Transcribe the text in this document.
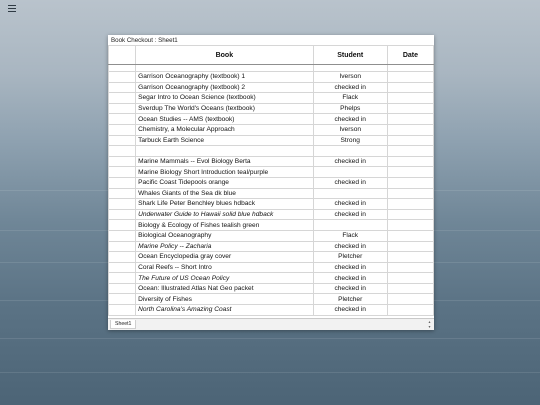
Book Checkout : Sheet1
	Book	Student	Date

	Garrison Oceanography (textbook) 1	Iverson	
	Garrison Oceanography (textbook) 2	checked in	
	Segar Intro to Ocean Science (textbook)	Flack	
	Sverdup The World's Oceans (textbook)	Phelps	
	Ocean Studies -- AMS (textbook)	checked in	
	Chemistry, a Molecular Approach	Iverson	
	Tarbuck Earth Science	Strong	

	Marine Mammals -- Evol Biology Berta	checked in	
	Marine Biology Short Introduction teal/purple		
	Pacific Coast Tidepools orange	checked in	
	Whales Giants of the Sea dk blue		
	Shark Life Peter Benchley blues hdback	checked in	
	Underwater Guide to Hawaii solid blue hdback	checked in	
	Biology & Ecology of Fishes tealish green		
	Biological Oceanography	Flack	
	Marine Policy -- Zacharia	checked in	
	Ocean Encyclopedia gray cover	Pletcher	
	Coral Reefs -- Short Intro	checked in	
	The Future of US Ocean Policy	checked in	
	Ocean: Illustrated Atlas Nat Geo packet	checked in	
	Diversity of Fishes	Pletcher	
	North Carolina's Amazing Coast	checked in	
Sheet1	▴
▾
